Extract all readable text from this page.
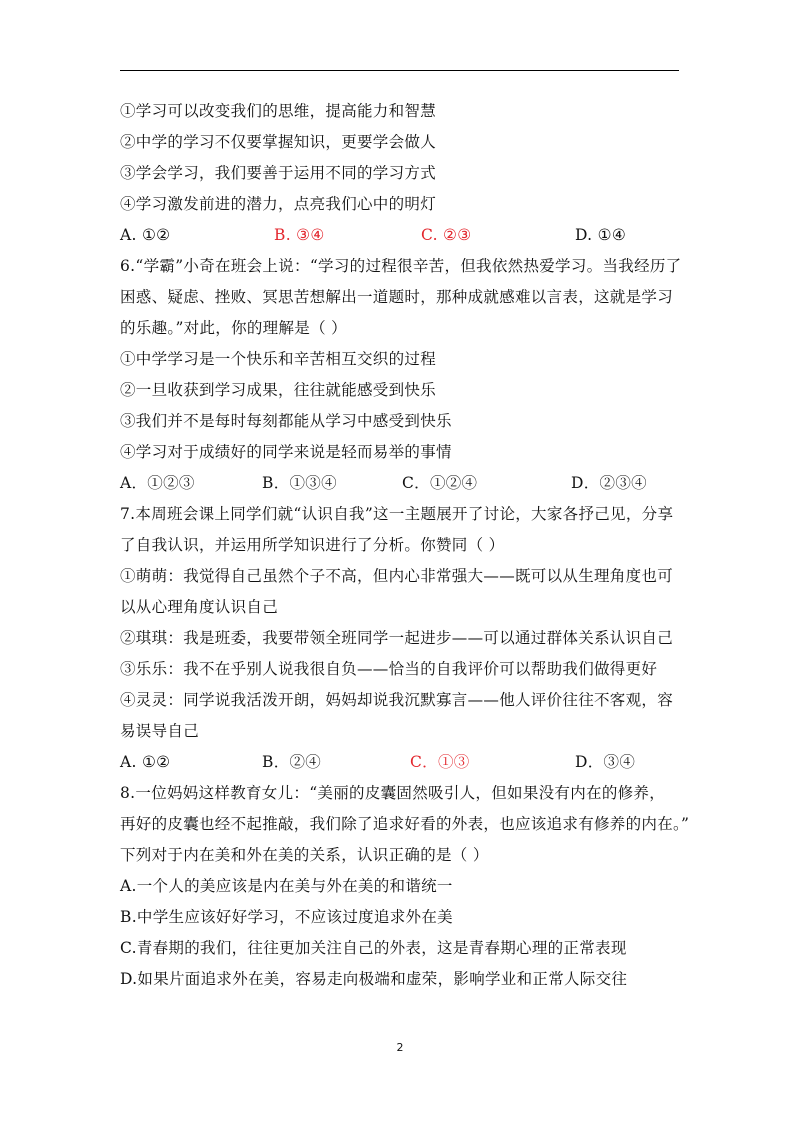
①学习可以改变我们的思维，提高能力和智慧
②中学的学习不仅要掌握知识，更要学会做人
③学会学习，我们要善于运用不同的学习方式
④学习激发前进的潜力，点亮我们心中的明灯
A. ①②	B. ③④	C. ②③	D. ①④
6.“学霸”小奇在班会上说：“学习的过程很辛苦，但我依然热爱学习。当我经历了
困惑、疑虑、挫败、冥思苦想解出一道题时，那种成就感难以言表，这就是学习
的乐趣。”对此，你的理解是（ ）
①中学学习是一个快乐和辛苦相互交织的过程
②一旦收获到学习成果，往往就能感受到快乐
③我们并不是每时每刻都能从学习中感受到快乐
④学习对于成绩好的同学来说是轻而易举的事情
A．①②③	B．①③④	C．①②④	D．②③④
7.本周班会课上同学们就“认识自我”这一主题展开了讨论，大家各抒己见，分享
了自我认识，并运用所学知识进行了分析。你赞同（ ）
①萌萌：我觉得自己虽然个子不高，但内心非常强大——既可以从生理角度也可
以从心理角度认识自己
②琪琪：我是班委，我要带领全班同学一起进步——可以通过群体关系认识自己
③乐乐：我不在乎别人说我很自负——恰当的自我评价可以帮助我们做得更好
④灵灵：同学说我活泼开朗，妈妈却说我沉默寡言——他人评价往往不客观，容
易误导自己
A. ①②	B．②④	C．①③	D．③④
8.一位妈妈这样教育女儿：“美丽的皮囊固然吸引人，但如果没有内在的修养，
再好的皮囊也经不起推敲，我们除了追求好看的外表，也应该追求有修养的内在。”
下列对于内在美和外在美的关系，认识正确的是（ ）
A.一个人的美应该是内在美与外在美的和谐统一
B.中学生应该好好学习，不应该过度追求外在美
C.青春期的我们，往往更加关注自己的外表，这是青春期心理的正常表现
D.如果片面追求外在美，容易走向极端和虚荣，影响学业和正常人际交往
2
